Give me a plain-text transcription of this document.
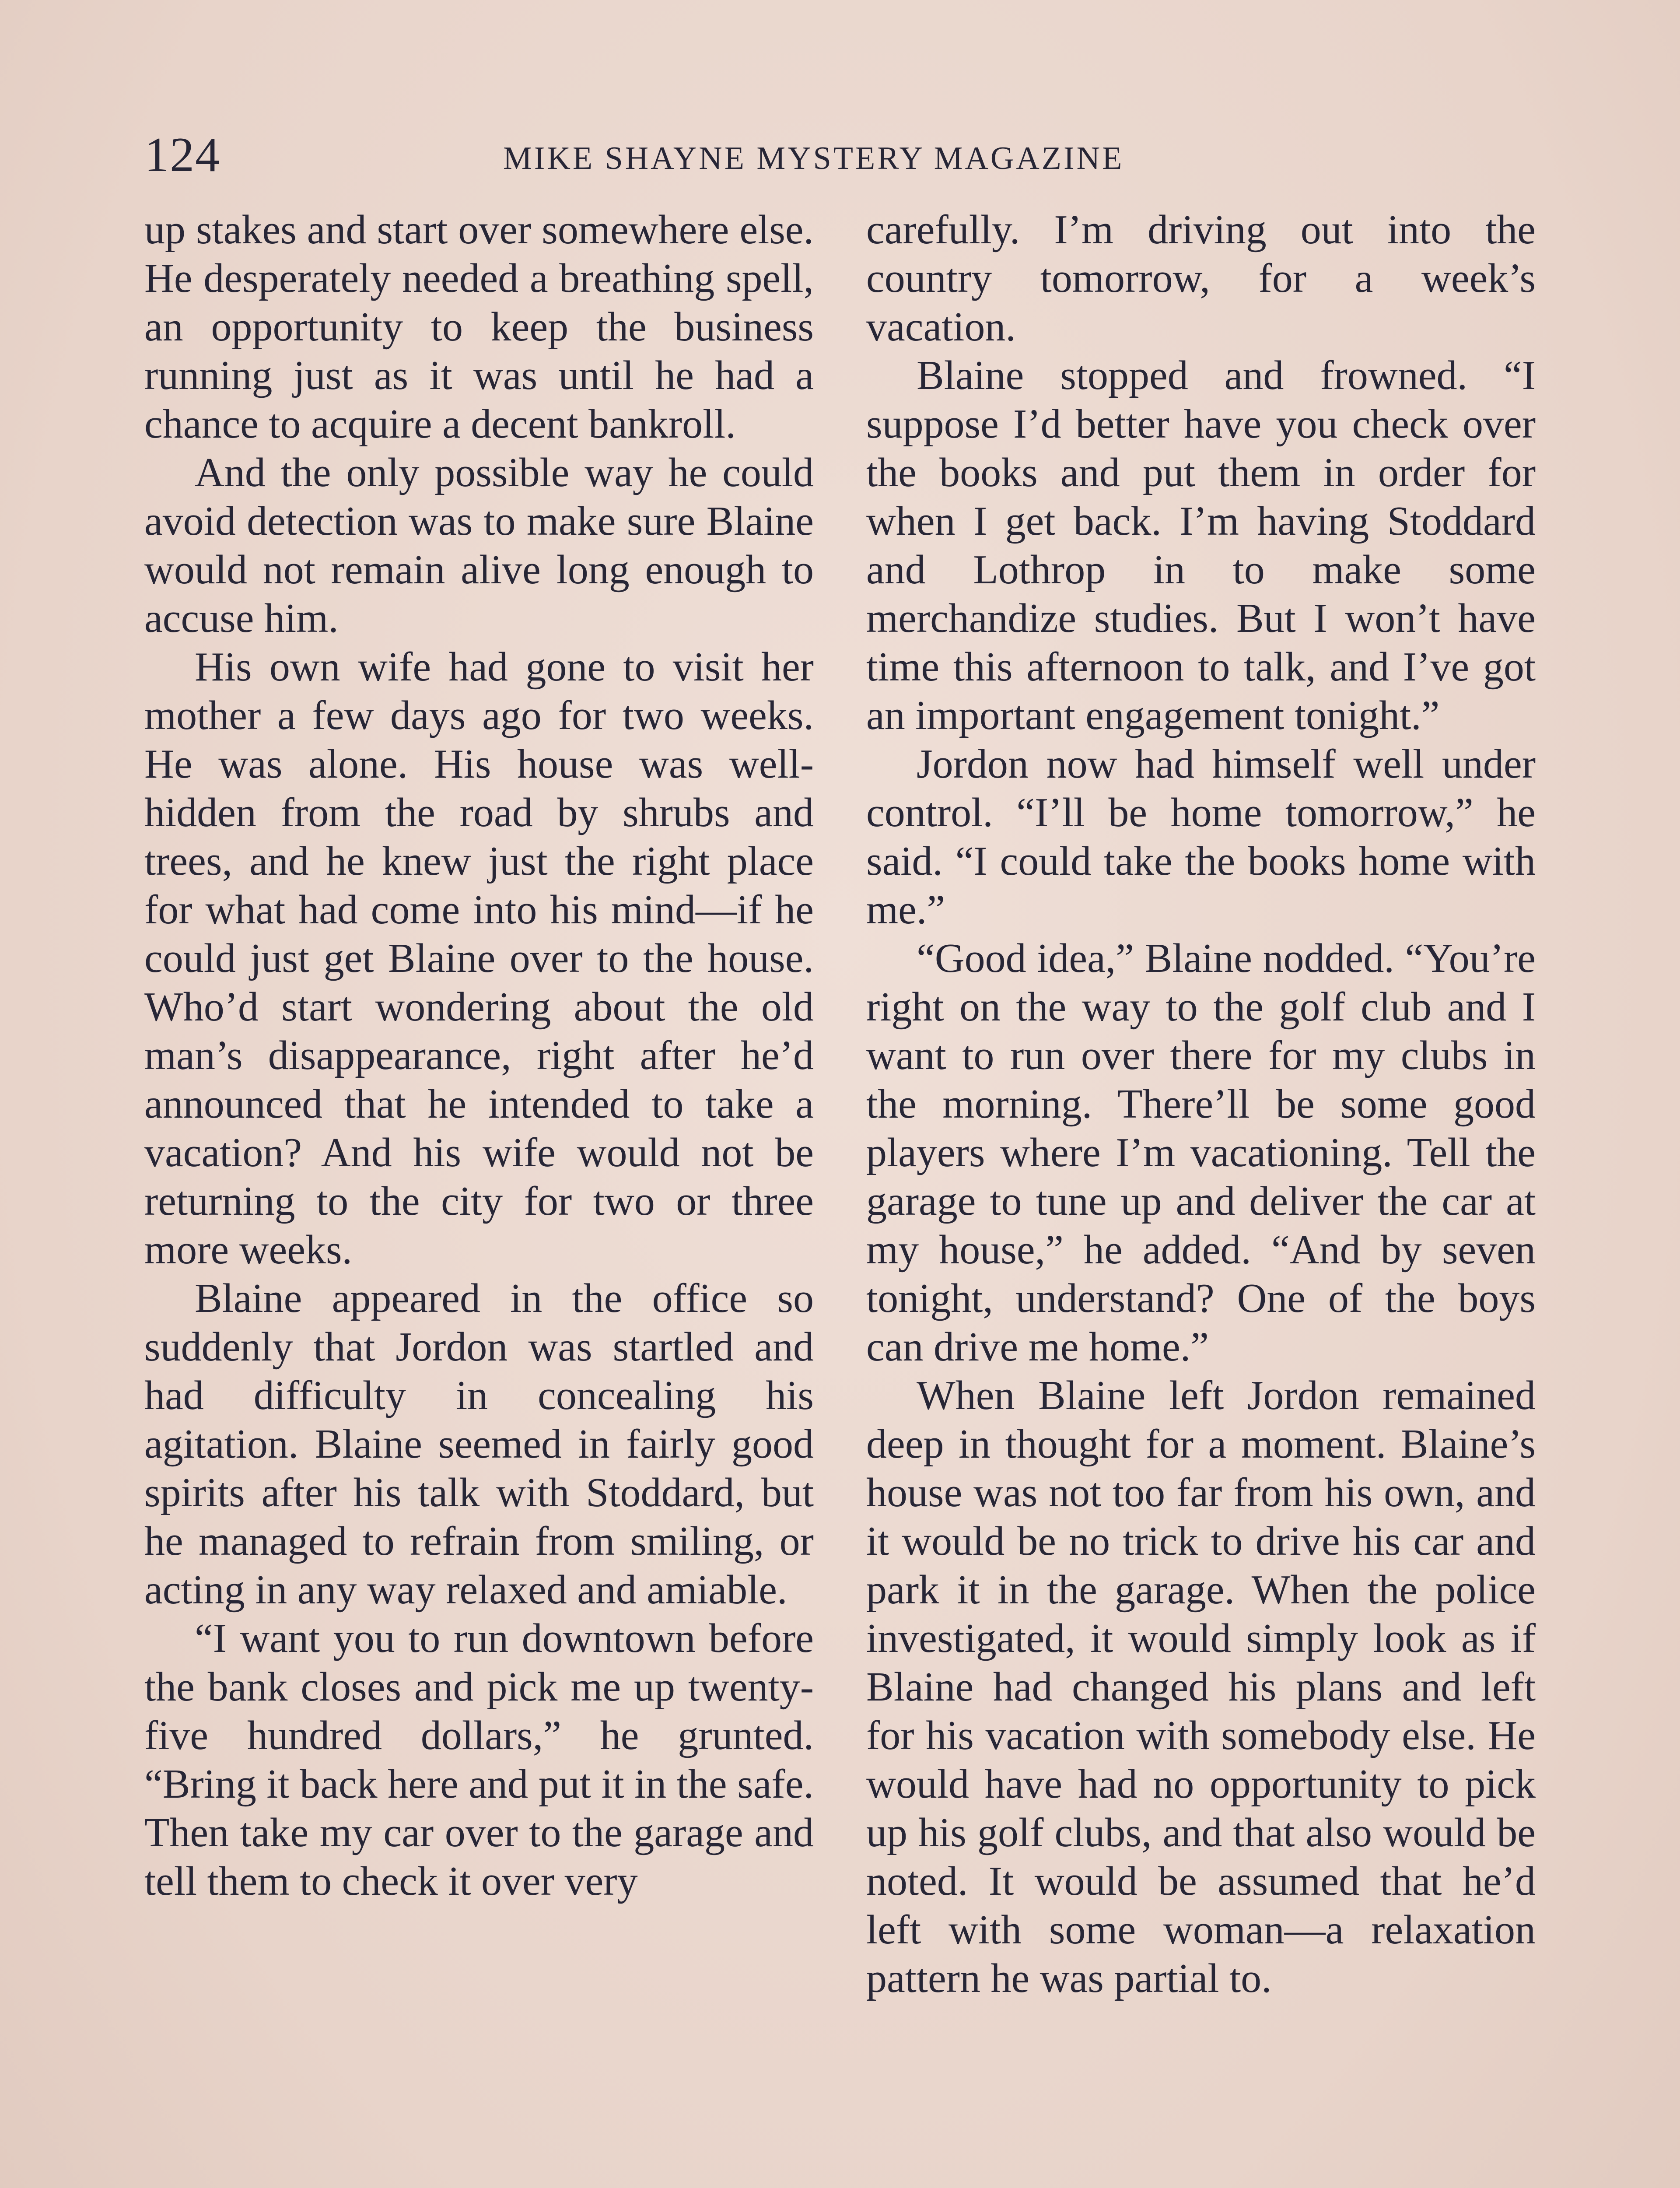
124	MIKE SHAYNE MYSTERY MAGAZINE

up stakes and start over somewhere else. He desperately needed a breathing spell, an opportunity to keep the business running just as it was until he had a chance to acquire a decent bankroll.

And the only possible way he could avoid detection was to make sure Blaine would not remain alive long enough to accuse him.

His own wife had gone to visit her mother a few days ago for two weeks. He was alone. His house was well-hidden from the road by shrubs and trees, and he knew just the right place for what had come into his mind—if he could just get Blaine over to the house. Who’d start wondering about the old man’s disappearance, right after he’d announced that he intended to take a vacation? And his wife would not be returning to the city for two or three more weeks.

Blaine appeared in the office so suddenly that Jordon was startled and had difficulty in concealing his agitation. Blaine seemed in fairly good spirits after his talk with Stoddard, but he managed to refrain from smiling, or acting in any way relaxed and amiable.

“I want you to run downtown before the bank closes and pick me up twenty-five hundred dollars,” he grunted. “Bring it back here and put it in the safe. Then take my car over to the garage and tell them to check it over very

carefully. I’m driving out into the country tomorrow, for a week’s vacation.

Blaine stopped and frowned. “I suppose I’d better have you check over the books and put them in order for when I get back. I’m having Stoddard and Lothrop in to make some merchandize studies. But I won’t have time this afternoon to talk, and I’ve got an important engagement tonight.”

Jordon now had himself well under control. “I’ll be home tomorrow,” he said. “I could take the books home with me.”

“Good idea,” Blaine nodded. “You’re right on the way to the golf club and I want to run over there for my clubs in the morning. There’ll be some good players where I’m vacationing. Tell the garage to tune up and deliver the car at my house,” he added. “And by seven tonight, understand? One of the boys can drive me home.”

When Blaine left Jordon remained deep in thought for a moment. Blaine’s house was not too far from his own, and it would be no trick to drive his car and park it in the garage. When the police investigated, it would simply look as if Blaine had changed his plans and left for his vacation with somebody else. He would have had no opportunity to pick up his golf clubs, and that also would be noted. It would be assumed that he’d left with some woman—a relaxation pattern he was partial to.
